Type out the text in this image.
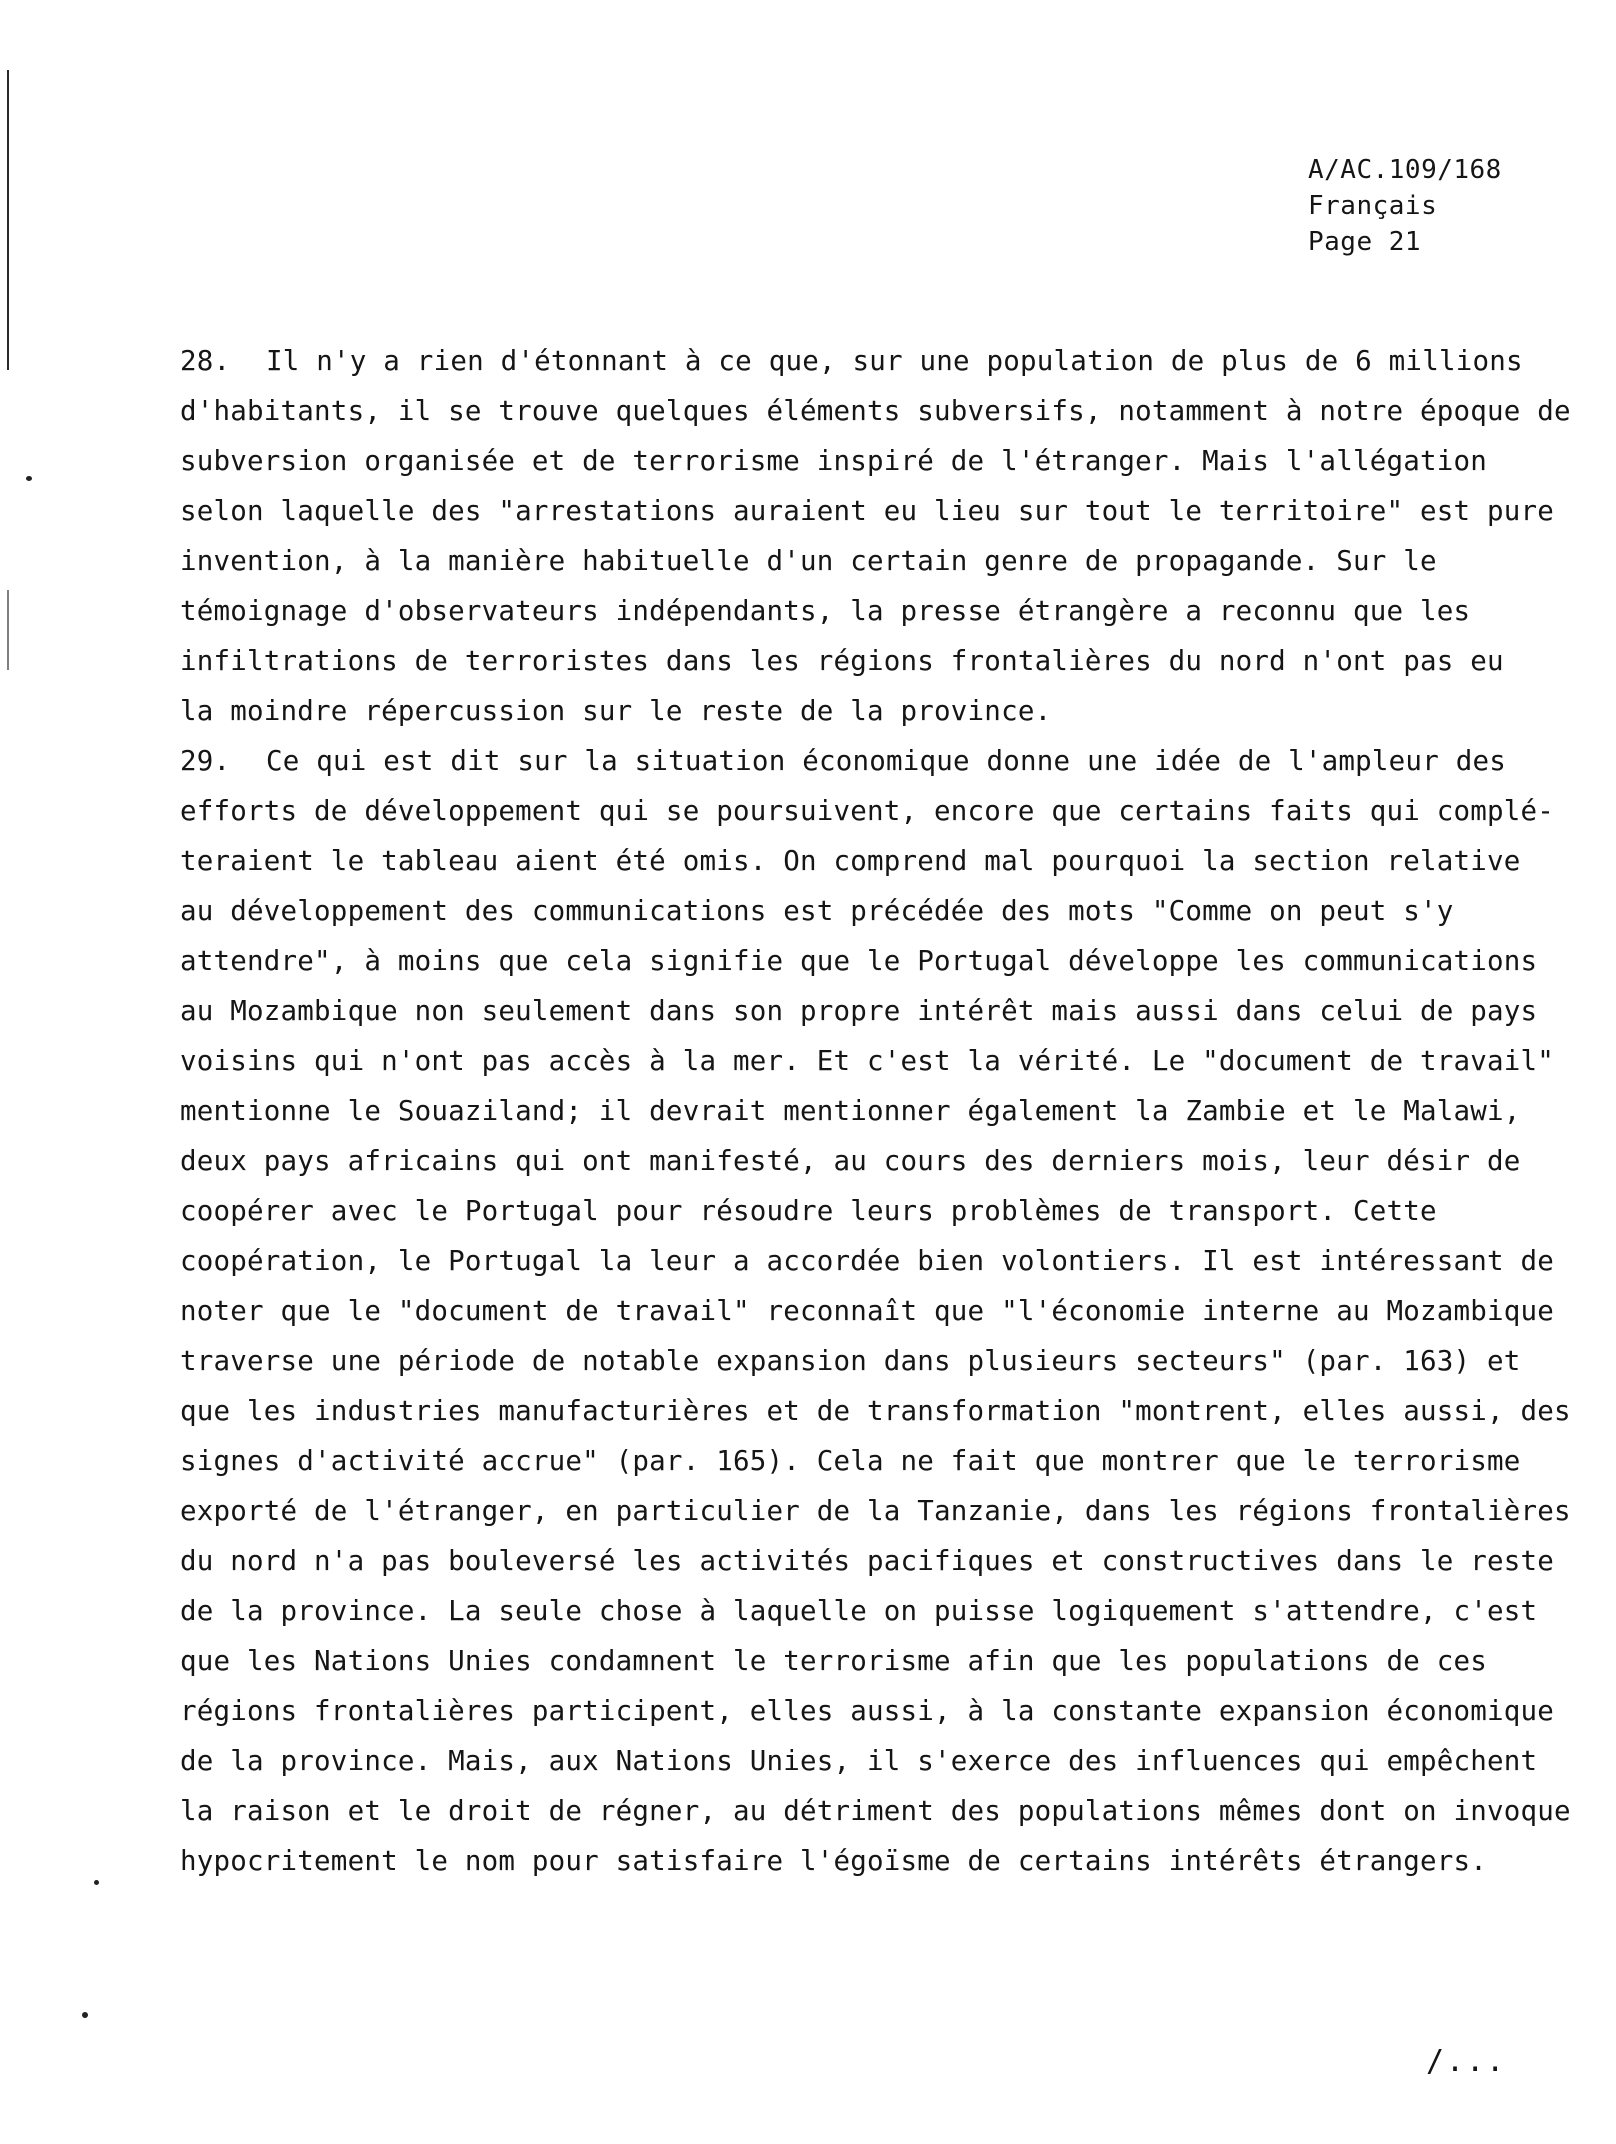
A/AC.109/168
Français
Page 21
28. Il n'y a rien d'étonnant à ce que, sur une population de plus de 6 millions
d'habitants, il se trouve quelques éléments subversifs, notamment à notre époque de
subversion organisée et de terrorisme inspiré de l'étranger. Mais l'allégation
selon laquelle des "arrestations auraient eu lieu sur tout le territoire" est pure
invention, à la manière habituelle d'un certain genre de propagande. Sur le
témoignage d'observateurs indépendants, la presse étrangère a reconnu que les
infiltrations de terroristes dans les régions frontalières du nord n'ont pas eu
la moindre répercussion sur le reste de la province.
29. Ce qui est dit sur la situation économique donne une idée de l'ampleur des
efforts de développement qui se poursuivent, encore que certains faits qui complé-
teraient le tableau aient été omis. On comprend mal pourquoi la section relative
au développement des communications est précédée des mots "Comme on peut s'y
attendre", à moins que cela signifie que le Portugal développe les communications
au Mozambique non seulement dans son propre intérêt mais aussi dans celui de pays
voisins qui n'ont pas accès à la mer. Et c'est la vérité. Le "document de travail"
mentionne le Souaziland; il devrait mentionner également la Zambie et le Malawi,
deux pays africains qui ont manifesté, au cours des derniers mois, leur désir de
coopérer avec le Portugal pour résoudre leurs problèmes de transport. Cette
coopération, le Portugal la leur a accordée bien volontiers. Il est intéressant de
noter que le "document de travail" reconnaît que "l'économie interne au Mozambique
traverse une période de notable expansion dans plusieurs secteurs" (par. 163) et
que les industries manufacturières et de transformation "montrent, elles aussi, des
signes d'activité accrue" (par. 165). Cela ne fait que montrer que le terrorisme
exporté de l'étranger, en particulier de la Tanzanie, dans les régions frontalières
du nord n'a pas bouleversé les activités pacifiques et constructives dans le reste
de la province. La seule chose à laquelle on puisse logiquement s'attendre, c'est
que les Nations Unies condamnent le terrorisme afin que les populations de ces
régions frontalières participent, elles aussi, à la constante expansion économique
de la province. Mais, aux Nations Unies, il s'exerce des influences qui empêchent
la raison et le droit de régner, au détriment des populations mêmes dont on invoque
hypocritement le nom pour satisfaire l'égoïsme de certains intérêts étrangers.
/...
